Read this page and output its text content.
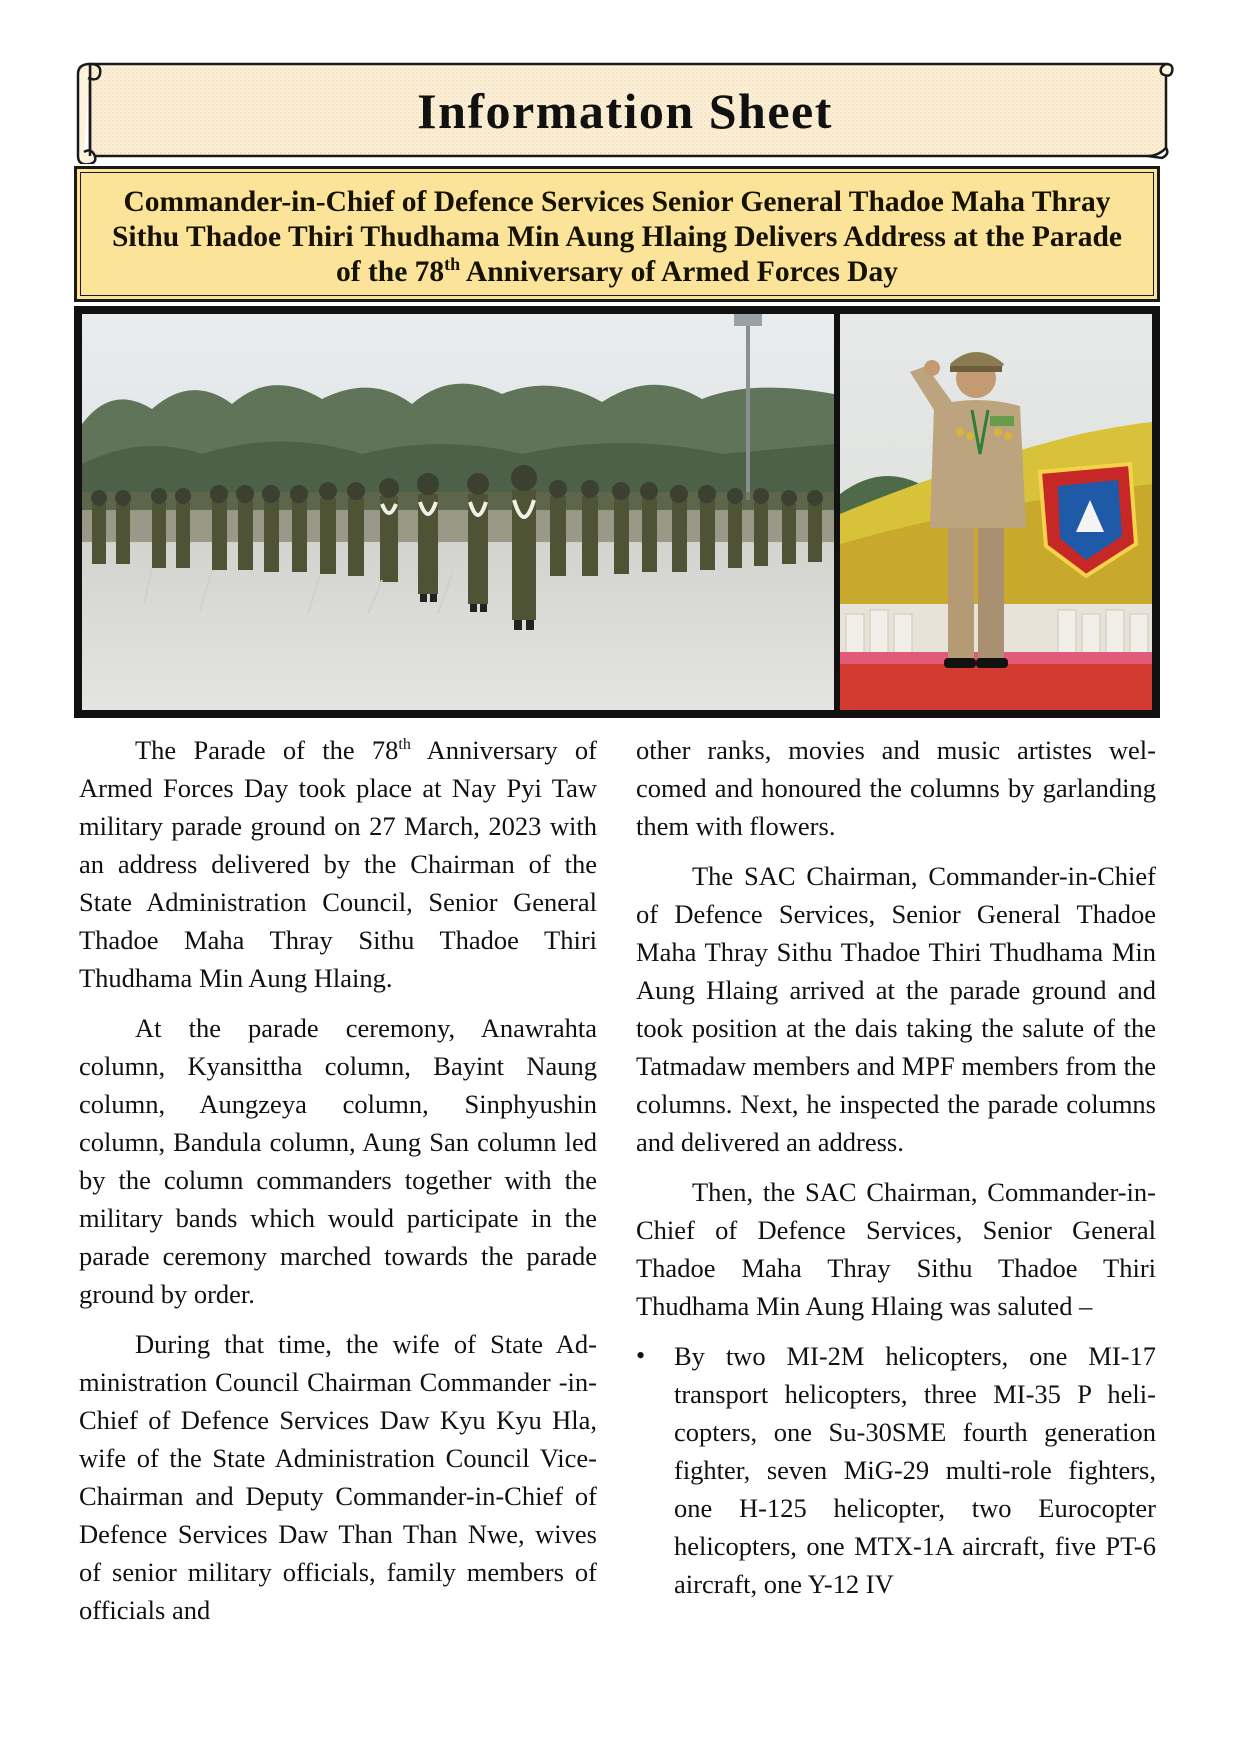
Information Sheet
Commander-in-Chief of Defence Services Senior General Thadoe Maha Thray
Sithu Thadoe Thiri Thudhama Min Aung Hlaing Delivers Address at the Parade
of the 78th Anniversary of Armed Forces Day

The Parade of the 78th Anniversary of Armed Forces Day took place at Nay Pyi Taw military parade ground on 27 March, 2023 with an address delivered by the Chairman of the State Administration Council, Senior General Thadoe Maha Thray Sithu Thadoe Thiri Thudhama Min Aung Hlaing.

At the parade ceremony, Anawrahta column, Kyansittha column, Bayint Naung column, Aungzeya column, Sinphyushin column, Bandula column, Aung San column led by the column commanders together with the military bands which would participate in the parade ceremony marched towards the parade ground by order.

During that time, the wife of State Administration Council Chairman Commander -in-Chief of Defence Services Daw Kyu Kyu Hla, wife of the State Administration Council Vice-Chairman and Deputy Commander-in-Chief of Defence Services Daw Than Than Nwe, wives of senior military officials, family members of officials and

other ranks, movies and music artistes welcomed and honoured the columns by garlanding them with flowers.

The SAC Chairman, Commander-in-Chief of Defence Services, Senior General Thadoe Maha Thray Sithu Thadoe Thiri Thudhama Min Aung Hlaing arrived at the parade ground and took position at the dais taking the salute of the Tatmadaw members and MPF members from the columns. Next, he inspected the parade columns and delivered an address.

Then, the SAC Chairman, Commander-in-Chief of Defence Services, Senior General Thadoe Maha Thray Sithu Thadoe Thiri Thudhama Min Aung Hlaing was saluted –

• By two MI-2M helicopters, one MI-17 transport helicopters, three MI-35 P helicopters, one Su-30SME fourth generation fighter, seven MiG-29 multi-role fighters, one H-125 helicopter, two Eurocopter helicopters, one MTX-1A aircraft, five PT-6 aircraft, one Y-12 IV
